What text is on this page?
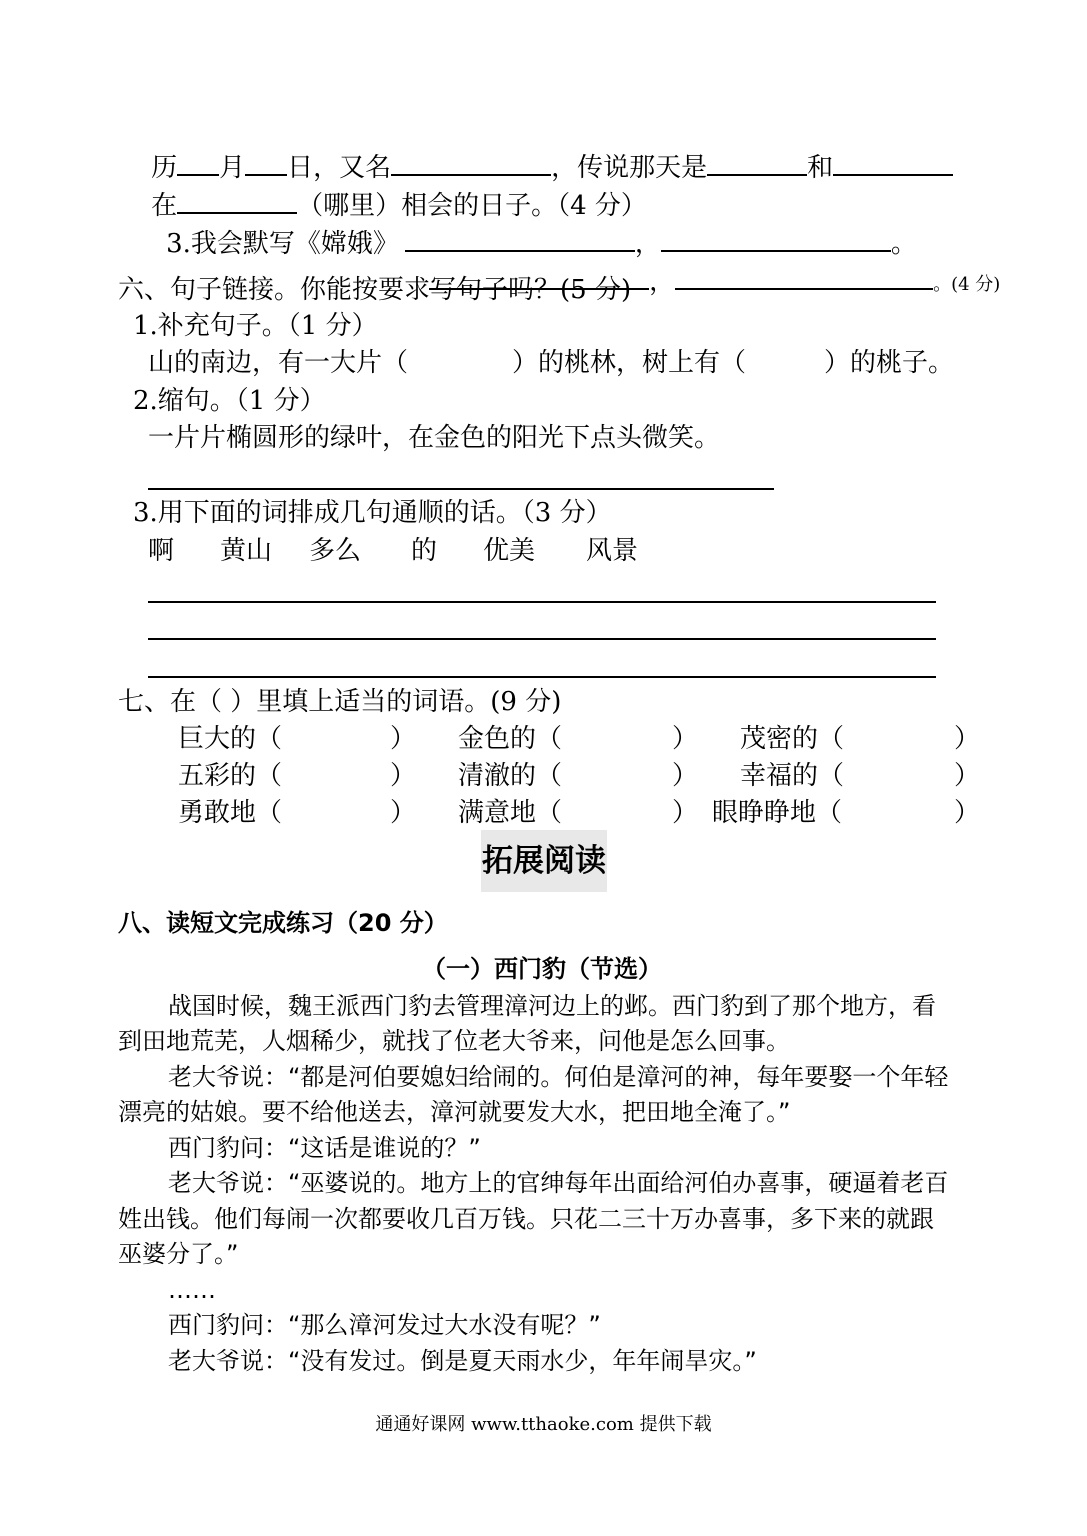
历 月 日，又名	，传说那天是	和

在	（哪里）相会的日子。（4 分）

3.我会默写《嫦娥》	，	。

，	。(4 分)

六、句子链接。你能按要求写句子吗？(5 分)
1.补充句子。（1 分）
山的南边，有一大片（　　　　）的桃林，树上有（　　　）的桃子。
2.缩句。（1 分）
一片片椭圆形的绿叶，在金色的阳光下点头微笑。
3.用下面的词排成几句通顺的话。（3 分）
啊 黄山 多么 的 优美 风景
七、在（ ）里填上适当的词语。(9 分)
巨大的（	） 金色的（	） 茂密的（	）
五彩的（	） 清澈的（	） 幸福的（	）
勇敢地（	） 满意地（	） 眼睁睁地（	）
拓展阅读
八、读短文完成练习（20 分）
（一）西门豹（节选）
战国时候，魏王派西门豹去管理漳河边上的邺。西门豹到了那个地方，看
到田地荒芜，人烟稀少，就找了位老大爷来，问他是怎么回事。
老大爷说：“都是河伯要媳妇给闹的。何伯是漳河的神，每年要娶一个年轻
漂亮的姑娘。要不给他送去，漳河就要发大水，把田地全淹了。”
西门豹问：“这话是谁说的？”
老大爷说：“巫婆说的。地方上的官绅每年出面给河伯办喜事，硬逼着老百
姓出钱。他们每闹一次都要收几百万钱。只花二三十万办喜事，多下来的就跟
巫婆分了。”
……
西门豹问：“那么漳河发过大水没有呢？”
老大爷说：“没有发过。倒是夏天雨水少，年年闹旱灾。”
通通好课网 www.tthaoke.com 提供下载
